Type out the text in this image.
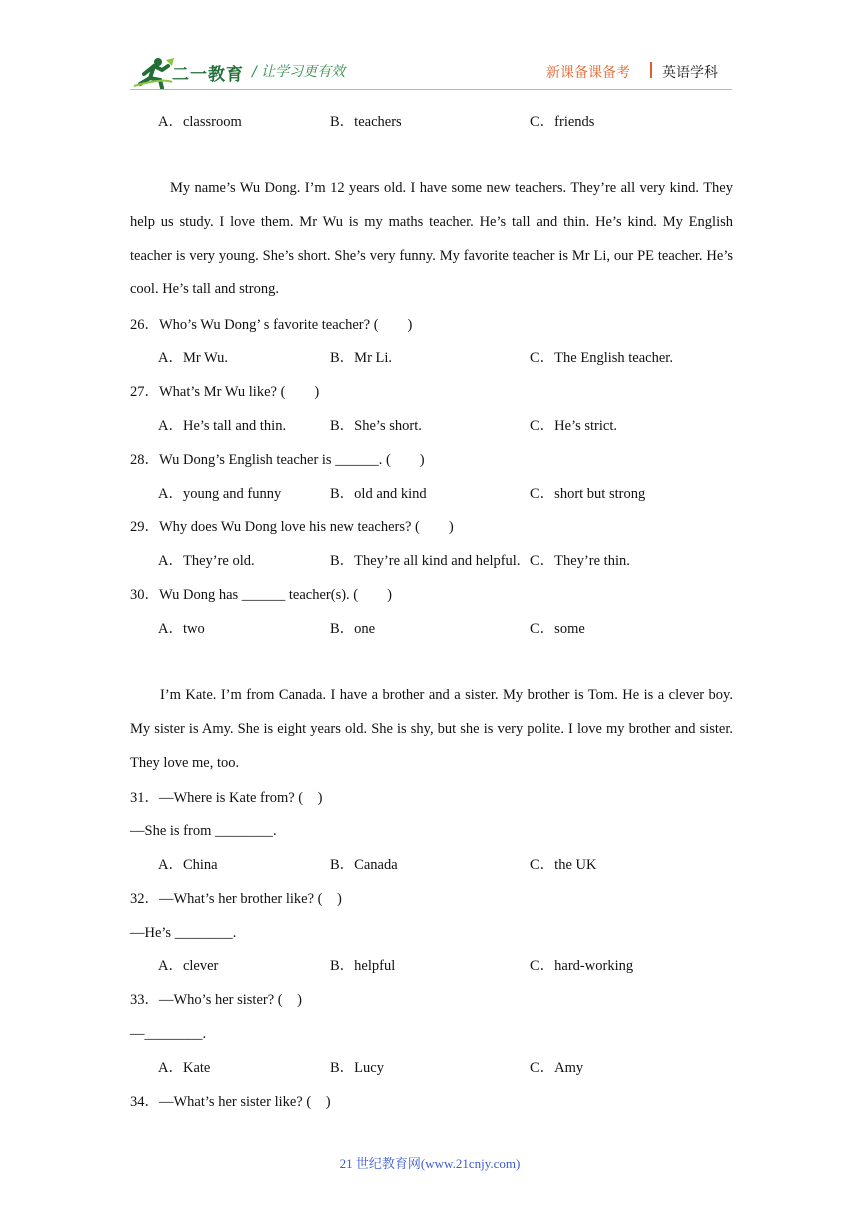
二一教育 / 让学习更有效	新课备课备考 英语学科
A．classroom	B．teachers	C．friends

My name’s Wu Dong. I’m 12 years old. I have some new teachers. They’re all very kind. They help us study. I love them. Mr Wu is my maths teacher. He’s tall and thin. He’s kind. My English teacher is very young. She’s short. She’s very funny. My favorite teacher is Mr Li, our PE teacher. He’s cool. He’s tall and strong.

26．Who’s Wu Dong’ s favorite teacher? (　　)
A．Mr Wu.	B．Mr Li.	C．The English teacher.
27．What’s Mr Wu like? (　　)
A．He’s tall and thin.	B．She’s short.	C．He’s strict.
28．Wu Dong’s English teacher is ______. (　　)
A．young and funny	B．old and kind	C．short but strong
29．Why does Wu Dong love his new teachers? (　　)
A．They’re old.	B．They’re all kind and helpful. C．They’re thin.
30．Wu Dong has ______ teacher(s). (　　)
A．two	B．one	C．some

I’m Kate. I’m from Canada. I have a brother and a sister. My brother is Tom. He is a clever boy. My sister is Amy. She is eight years old. She is shy, but she is very polite. I love my brother and sister. They love me, too.

31．—Where is Kate from? (　)
—She is from ________.
A．China	B．Canada	C．the UK
32．—What’s her brother like? (　)
—He’s ________.
A．clever	B．helpful	C．hard-working
33．—Who’s her sister? (　)
—________.
A．Kate	B．Lucy	C．Amy
34．—What’s her sister like? (　)
21 世纪教育网(www.21cnjy.com)
